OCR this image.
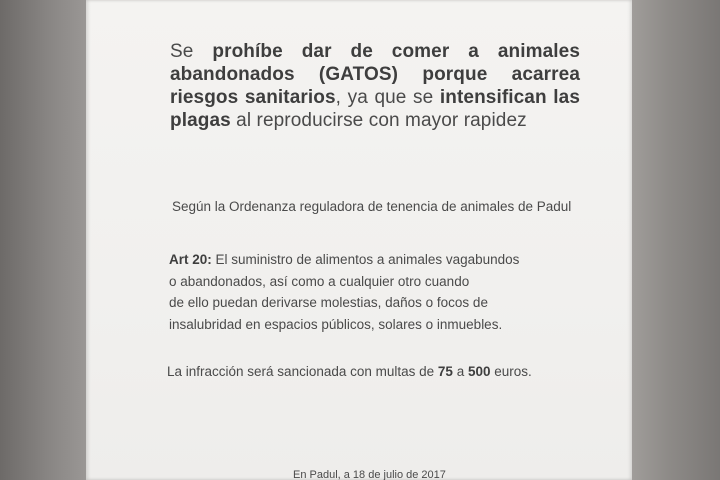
Se prohíbe dar de comer a animales abandonados (GATOS) porque acarrea riesgos sanitarios, ya que se intensifican las plagas al reproducirse con mayor rapidez

Según la Ordenanza reguladora de tenencia de animales de Padul

Art 20: El suministro de alimentos a animales vagabundos
o abandonados, así como a cualquier otro cuando
de ello puedan derivarse molestias, daños o focos de
insalubridad en espacios públicos, solares o inmuebles.

La infracción será sancionada con multas de 75 a 500 euros.

En Padul, a 18 de julio de 2017
